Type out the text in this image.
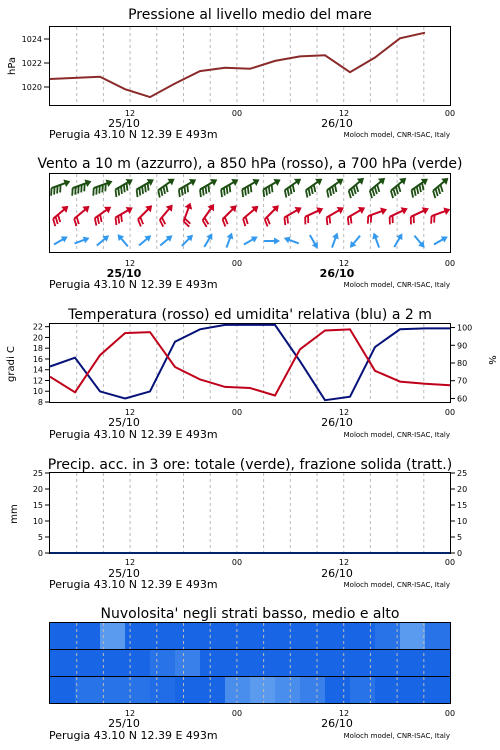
Pressione al livello medio del mare
hPa
1024
1022
1020
12	00	12	00
25/10	26/10
Perugia 43.10 N 12.39 E 493m	Moloch model, CNR-ISAC, Italy
Vento a 10 m (azzurro), a 850 hPa (rosso), a 700 hPa (verde)
12	00	12	00
25/10	26/10
Perugia 43.10 N 12.39 E 493m	Moloch model, CNR-ISAC, Italy
Temperatura (rosso) ed umidita' relativa (blu) a 2 m
gradi C	%
8
10
12
14
16
18
20
22
60
70
80
90
100
12	00	12	00
25/10	26/10
Perugia 43.10 N 12.39 E 493m	Moloch model, CNR-ISAC, Italy
Precip. acc. in 3 ore: totale (verde), frazione solida (tratt.)
mm
0
5
10
15
20
25
0
5
10
15
20
25
12	00	12	00
25/10	26/10
Perugia 43.10 N 12.39 E 493m	Moloch model, CNR-ISAC, Italy
Nuvolosita' negli strati basso, medio e alto
12	00	12	00
25/10	26/10
Perugia 43.10 N 12.39 E 493m	Moloch model, CNR-ISAC, Italy
